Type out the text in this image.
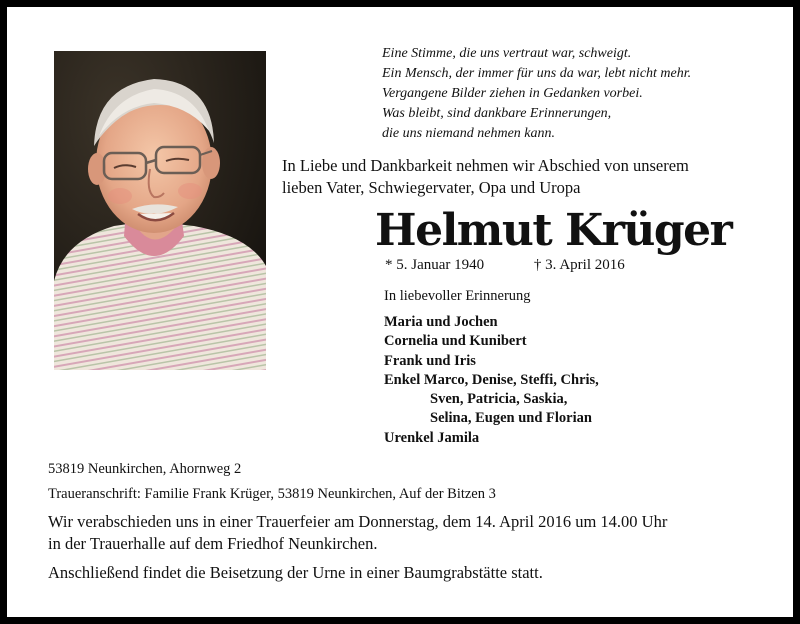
Eine Stimme, die uns vertraut war, schweigt.
Ein Mensch, der immer für uns da war, lebt nicht mehr.
Vergangene Bilder ziehen in Gedanken vorbei.
Was bleibt, sind dankbare Erinnerungen,
die uns niemand nehmen kann.
In Liebe und Dankbarkeit nehmen wir Abschied von unserem
lieben Vater, Schwiegervater, Opa und Uropa
Helmut Krüger
* 5. Januar 1940	† 3. April 2016
In liebevoller Erinnerung
Maria und Jochen
Cornelia und Kunibert
Frank und Iris
Enkel Marco, Denise, Steffi, Chris,
Sven, Patricia, Saskia,
Selina, Eugen und Florian
Urenkel Jamila
53819 Neunkirchen, Ahornweg 2
Traueranschrift: Familie Frank Krüger, 53819 Neunkirchen, Auf der Bitzen 3
Wir verabschieden uns in einer Trauerfeier am Donnerstag, dem 14. April 2016 um 14.00 Uhr
in der Trauerhalle auf dem Friedhof Neunkirchen.
Anschließend findet die Beisetzung der Urne in einer Baumgrabstätte statt.
